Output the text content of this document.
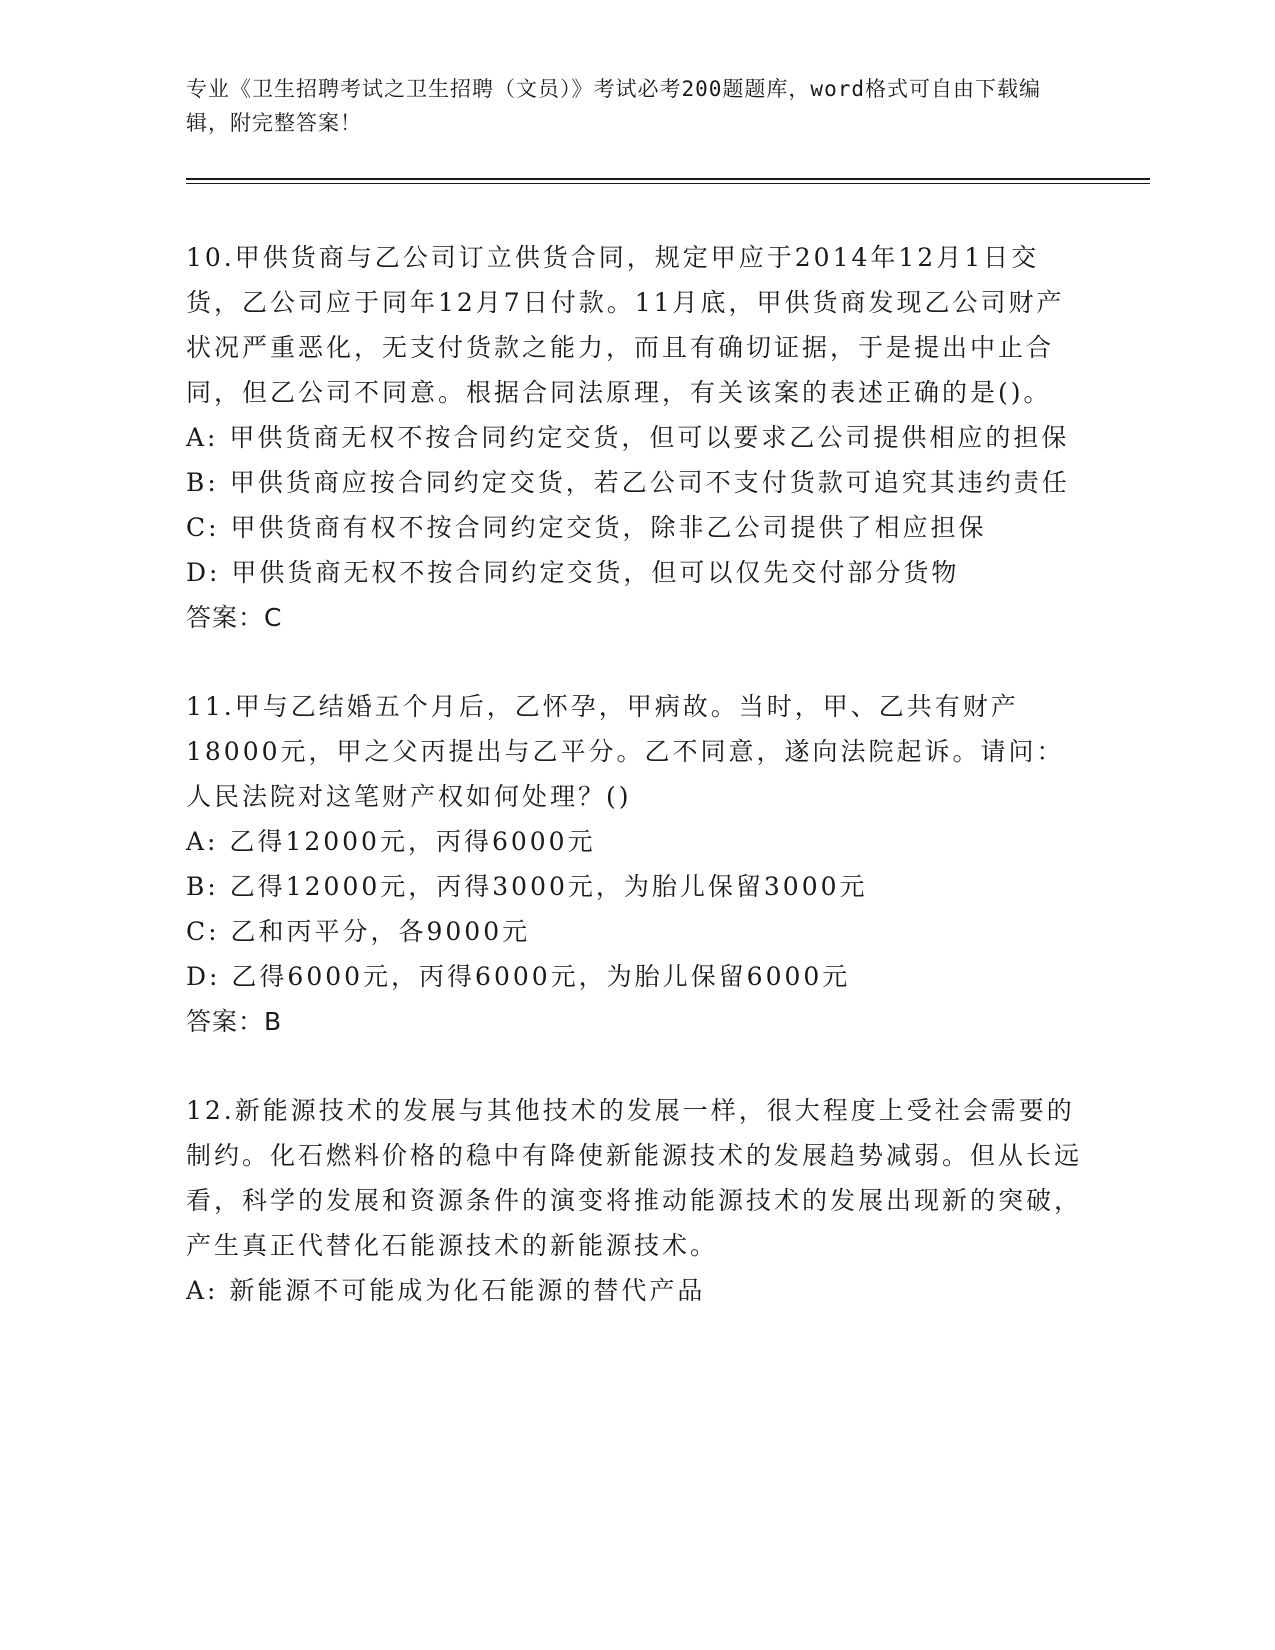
专业《卫生招聘考试之卫生招聘（文员）》考试必考200题题库，word格式可自由下载编辑，附完整答案！

10.甲供货商与乙公司订立供货合同，规定甲应于2014年12月1日交货，乙公司应于同年12月7日付款。11月底，甲供货商发现乙公司财产状况严重恶化，无支付货款之能力，而且有确切证据，于是提出中止合同，但乙公司不同意。根据合同法原理，有关该案的表述正确的是()。

A: 甲供货商无权不按合同约定交货，但可以要求乙公司提供相应的担保

B: 甲供货商应按合同约定交货，若乙公司不支付货款可追究其违约责任

C: 甲供货商有权不按合同约定交货，除非乙公司提供了相应担保

D: 甲供货商无权不按合同约定交货，但可以仅先交付部分货物

答案：C

11.甲与乙结婚五个月后，乙怀孕，甲病故。当时，甲、乙共有财产18000元，甲之父丙提出与乙平分。乙不同意，遂向法院起诉。请问：人民法院对这笔财产权如何处理？()

A: 乙得12000元，丙得6000元

B: 乙得12000元，丙得3000元，为胎儿保留3000元

C: 乙和丙平分，各9000元

D: 乙得6000元，丙得6000元，为胎儿保留6000元

答案：B

12.新能源技术的发展与其他技术的发展一样，很大程度上受社会需要的制约。化石燃料价格的稳中有降使新能源技术的发展趋势减弱。但从长远看，科学的发展和资源条件的演变将推动能源技术的发展出现新的突破，产生真正代替化石能源技术的新能源技术。

A: 新能源不可能成为化石能源的替代产品
